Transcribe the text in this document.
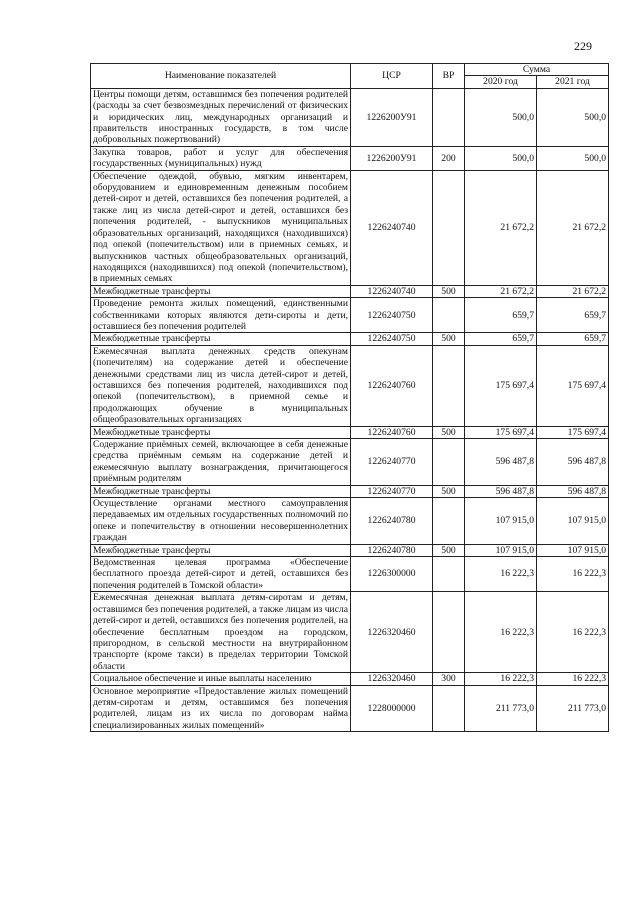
229
Наименование показателей	ЦСР	ВР	Сумма	
			2020 год	2021 год
Центры помощи детям, оставшимся без попечения родителей (расходы за счет безвозмездных перечислений от физических и юридических лиц, международных организаций и правительств иностранных государств, в том числе добровольных пожертвований)	1226200У91		500,0	500,0
Закупка товаров, работ и услуг для обеспечения государственных (муниципальных) нужд	1226200У91	200	500,0	500,0
Обеспечение одеждой, обувью, мягким инвентарем, оборудованием и единовременным денежным пособием детей-сирот и детей, оставшихся без попечения родителей, а также лиц из числа детей-сирот и детей, оставшихся без попечения родителей, - выпускников муниципальных образовательных организаций, находящихся (находившихся) под опекой (попечительством) или в приемных семьях, и выпускников частных общеобразовательных организаций, находящихся (находившихся) под опекой (попечительством), в приемных семьях	1226240740		21 672,2	21 672,2
Межбюджетные трансферты	1226240740	500	21 672,2	21 672,2
Проведение ремонта жилых помещений, единственными собственниками которых являются дети-сироты и дети, оставшиеся без попечения родителей	1226240750		659,7	659,7
Межбюджетные трансферты	1226240750	500	659,7	659,7
Ежемесячная выплата денежных средств опекунам (попечителям) на содержание детей и обеспечение денежными средствами лиц из числа детей-сирот и детей, оставшихся без попечения родителей, находившихся под опекой (попечительством), в приемной семье и продолжающих обучение в муниципальных общеобразовательных организациях	1226240760		175 697,4	175 697,4
Межбюджетные трансферты	1226240760	500	175 697,4	175 697,4
Содержание приёмных семей, включающее в себя денежные средства приёмным семьям на содержание детей и ежемесячную выплату вознаграждения, причитающегося приёмным родителям	1226240770		596 487,8	596 487,8
Межбюджетные трансферты	1226240770	500	596 487,8	596 487,8
Осуществление органами местного самоуправления передаваемых им отдельных государственных полномочий по опеке и попечительству в отношении несовершеннолетних граждан	1226240780		107 915,0	107 915,0
Межбюджетные трансферты	1226240780	500	107 915,0	107 915,0
Ведомственная целевая программа «Обеспечение бесплатного проезда детей-сирот и детей, оставшихся без попечения родителей в Томской области»	1226300000		16 222,3	16 222,3
Ежемесячная денежная выплата детям-сиротам и детям, оставшимся без попечения родителей, а также лицам из числа детей-сирот и детей, оставшихся без попечения родителей, на обеспечение бесплатным проездом на городском, пригородном, в сельской местности на внутрирайонном транспорте (кроме такси) в пределах территории Томской области	1226320460		16 222,3	16 222,3
Социальное обеспечение и иные выплаты населению	1226320460	300	16 222,3	16 222,3
Основное мероприятие «Предоставление жилых помещений детям-сиротам и детям, оставшимся без попечения родителей, лицам из их числа по договорам найма специализированных жилых помещений»	1228000000		211 773,0	211 773,0
